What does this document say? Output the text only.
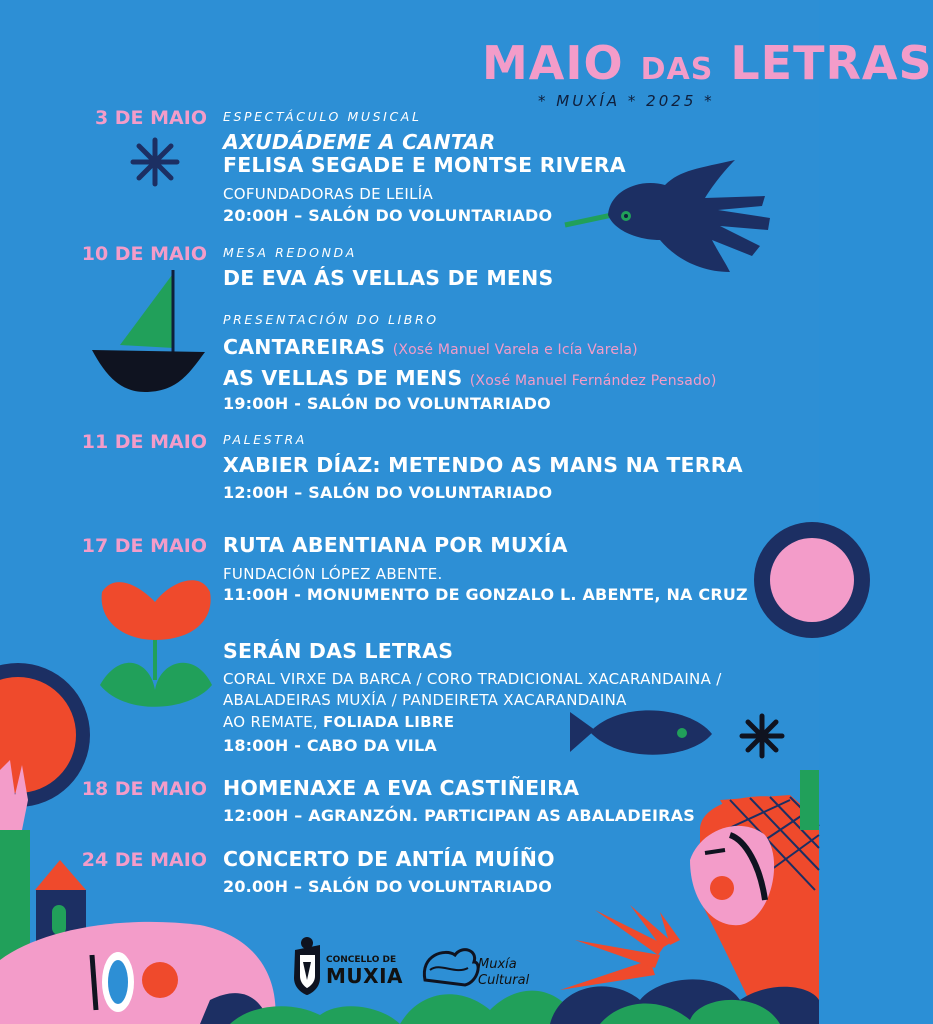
MAIO DAS LETRAS
* MUXÍA * 2025 *
3 DE MAIO ESPECTÁCULO MUSICAL
AXUDÁDEME A CANTAR
FELISA SEGADE E MONTSE RIVERA
COFUNDADORAS DE LEILÍA
20:00H – SALÓN DO VOLUNTARIADO
10 DE MAIO MESA REDONDA
DE EVA ÁS VELLAS DE MENS
PRESENTACIÓN DO LIBRO
CANTAREIRAS (Xosé Manuel Varela e Icía Varela)
AS VELLAS DE MENS (Xosé Manuel Fernández Pensado)
19:00H - SALÓN DO VOLUNTARIADO
11 DE MAIO PALESTRA
XABIER DÍAZ: METENDO AS MANS NA TERRA
12:00H – SALÓN DO VOLUNTARIADO
17 DE MAIO RUTA ABENTIANA POR MUXÍA
FUNDACIÓN LÓPEZ ABENTE.
11:00H - MONUMENTO DE GONZALO L. ABENTE, NA CRUZ
SERÁN DAS LETRAS
CORAL VIRXE DA BARCA / CORO TRADICIONAL XACARANDAINA /
ABALADEIRAS MUXÍA / PANDEIRETA XACARANDAINA
AO REMATE, FOLIADA LIBRE
18:00H - CABO DA VILA
18 DE MAIO HOMENAXE A EVA CASTIÑEIRA
12:00H – AGRANZÓN. PARTICIPAN AS ABALADEIRAS
24 DE MAIO CONCERTO DE ANTÍA MUÍÑO
20.00H – SALÓN DO VOLUNTARIADO
CONCELLO DE
MUXIA	Muxía
Cultural
